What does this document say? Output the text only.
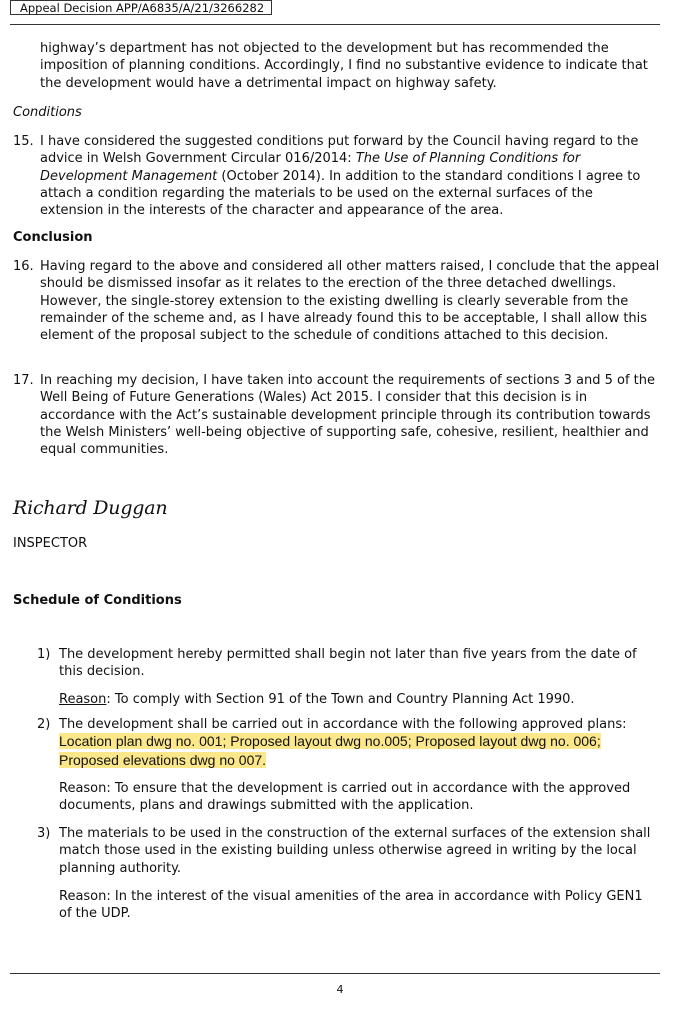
Appeal Decision APP/A6835/A/21/3266282

highway’s department has not objected to the development but has recommended the imposition of planning conditions. Accordingly, I find no substantive evidence to indicate that the development would have a detrimental impact on highway safety.

Conditions

15. I have considered the suggested conditions put forward by the Council having regard to the advice in Welsh Government Circular 016/2014: The Use of Planning Conditions for Development Management (October 2014). In addition to the standard conditions I agree to attach a condition regarding the materials to be used on the external surfaces of the extension in the interests of the character and appearance of the area.

Conclusion

16. Having regard to the above and considered all other matters raised, I conclude that the appeal should be dismissed insofar as it relates to the erection of the three detached dwellings. However, the single-storey extension to the existing dwelling is clearly severable from the remainder of the scheme and, as I have already found this to be acceptable, I shall allow this element of the proposal subject to the schedule of conditions attached to this decision.

17. In reaching my decision, I have taken into account the requirements of sections 3 and 5 of the Well Being of Future Generations (Wales) Act 2015. I consider that this decision is in accordance with the Act’s sustainable development principle through its contribution towards the Welsh Ministers’ well-being objective of supporting safe, cohesive, resilient, healthier and equal communities.

Richard Duggan

INSPECTOR

Schedule of Conditions

1) The development hereby permitted shall begin not later than five years from the date of this decision.

Reason: To comply with Section 91 of the Town and Country Planning Act 1990.

2) The development shall be carried out in accordance with the following approved plans: Location plan dwg no. 001; Proposed layout dwg no.005; Proposed layout dwg no. 006; Proposed elevations dwg no 007.

Reason: To ensure that the development is carried out in accordance with the approved documents, plans and drawings submitted with the application.

3) The materials to be used in the construction of the external surfaces of the extension shall match those used in the existing building unless otherwise agreed in writing by the local planning authority.

Reason: In the interest of the visual amenities of the area in accordance with Policy GEN1 of the UDP.

4
